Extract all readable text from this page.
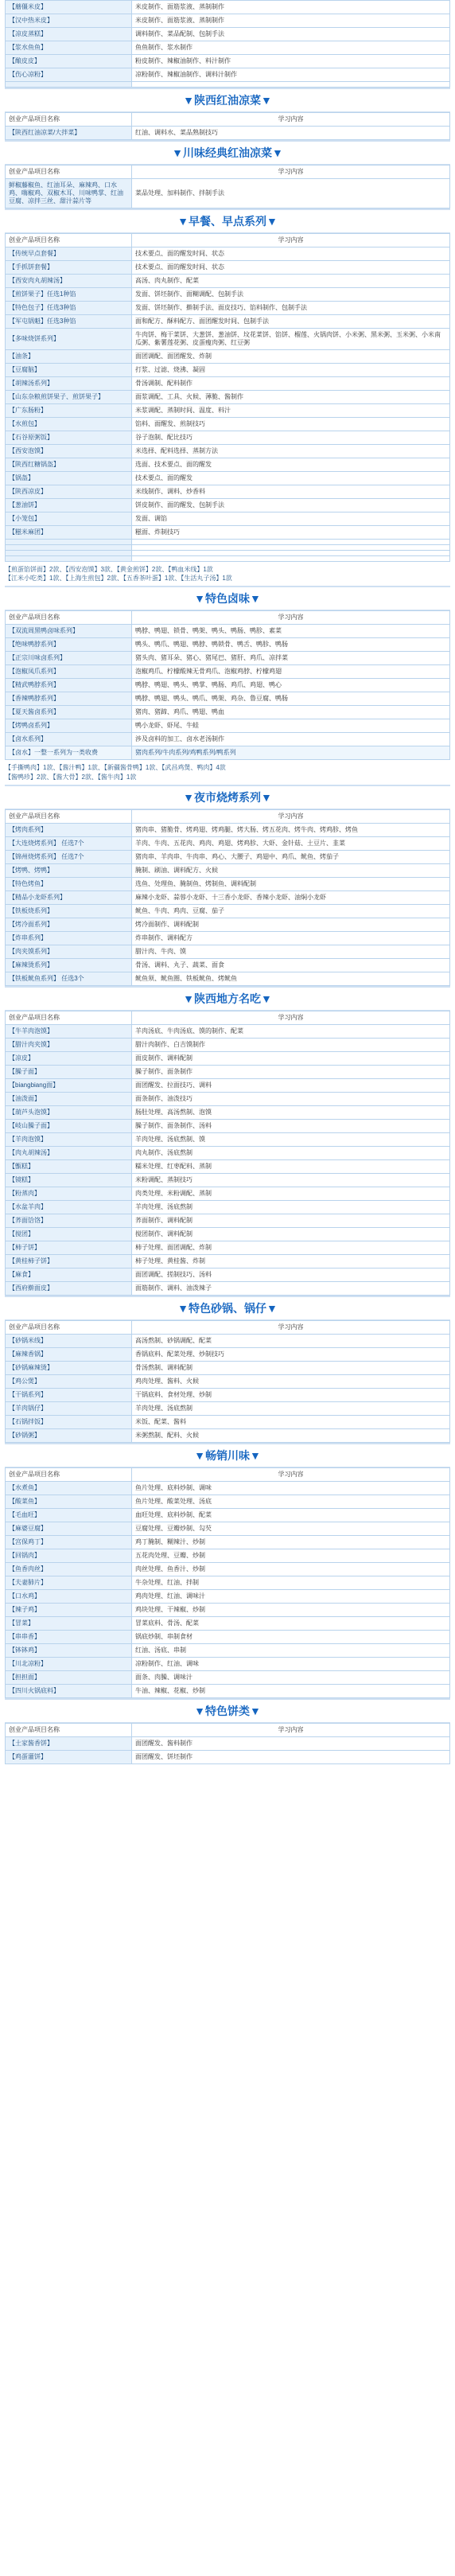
【蘑僵米皮】	米皮制作、面筋浆液、蒸制制作
【汉中热米皮】	米皮制作、面筋浆液、蒸制制作
【凉皮蒸糕】	调料制作、菜品配制、包制手法
【浆水鱼鱼】	鱼鱼制作、浆水制作
【酿皮皮】	粉皮制作、辣椒油制作、料汁制作
【伤心凉粉】	凉粉制作、辣椒油制作、调料汁制作

▼陕西红油凉菜▼
创业产品项目名称	学习内容
【陕西红油凉菜/大拌菜】	红油、调料水、菜品熟制技巧
▼川味经典红油凉菜▼
创业产品项目名称	学习内容
鲜椒藤椒鱼、红油耳朵、麻辣鸡、口水鸡、嗨椒鸡、双椒木耳、川味鸭掌、红油豆腐、凉拌三丝、甜汁蒜片等	菜品处理、加料制作、拌制手法
▼早餐、早点系列▼
创业产品项目名称	学习内容
【传统早点套餐】	技术要点、面的醒发时间、状态
【手抓饼套餐】	技术要点、面的醒发时间、状态
【西安肉丸胡辣汤】	高汤、肉丸制作、配菜
【煎饼果子】任选1种馅	发面、饼坯制作、面糊调配、包制手法
【特色包子】任选3种馅	发面、饼坯制作、擀制手法、面皮技巧、馅料制作、包制手法
【军屯锅魁】任选3种馅	面和配方、酥料配方、面团醒发时间、包制手法
【多味烧饼系列】	牛肉饼、梅干菜饼、大葱饼、葱油饼、坟花菜饼、馅饼、榴莲、火锅肉饼、小米粥、黑米粥、玉米粥、小米南瓜粥、紫薯莲花粥、皮蛋瘦肉粥、红豆粥
【油条】	面团调配、面团醒发、炸制
【豆腐脑】	打浆、过滤、烧沸、凝固
【胡辣汤系列】	骨汤调制、配料制作
【山东杂粮煎饼果子、煎饼果子】	面浆调配、工具、火候、薄脆、酱制作
【广东肠粉】	米浆调配、蒸制时间、温度、料汁
【水煎包】	馅料、面醒发、煎制技巧
【石谷原粥饭】	谷子泡制、配比技巧
【西安泡馍】	米选择、配料选择、蒸制方法
【陕西红糖锅盔】	选面、技术要点、面的醒发
【锅盔】	技术要点、面的醒发
【陕西凉皮】	米线制作、调料、炒香料
【葱油饼】	饼皮制作、面的醒发、包制手法
【小笼包】	发面、调馅
【糍米麻团】	糍面、炸制技巧

【煎蛋馅饼面】2款、【西安泡馍】3款、【黄金煎饼】2款、【鸭血米线】1款
【江米小吃类】1款、【上海生煎包】2款、【五香茶叶蛋】1款、【生活丸子汤】1款
▼特色卤味▼
创业产品项目名称	学习内容
【双流周黑鸭卤味系列】	鸭脖、鸭翅、锁骨、鸭架、鸭头、鸭肠、鸭胗、素菜
【绝味鸭脖系列】	鸭头、鸭爪、鸭翅、鸭脖、鸭锁骨、鸭舌、鸭胗、鸭肠
【正宗川味卤系列】	猪头肉、猪耳朵、猪心、猪尾巴、猪肝、鸡爪、凉拌菜
【泡椒凤爪系列】	泡椒鸡爪、柠檬酸辣无骨鸡爪、泡椒鸡脖、柠檬鸡翅
【精武鸭脖系列】	鸭脖、鸭翅、鸭头、鸭掌、鸭肠、鸡爪、鸡翅、鸭心
【香辣鸭脖系列】	鸭脖、鸭翅、鸭头、鸭爪、鸭架、鸡杂、鲁豆腐、鸭肠
【夏天酱卤系列】	猪肉、猪蹄、鸡爪、鸭翅、鸭血
【烤鸭卤系列】	鸭小龙虾、虾尾、牛蛙
【卤水系列】	涉及卤料的加工、卤水老汤制作
【卤水】一整一系列为一类收费	猪肉系列/牛肉系列/鸡鸭系列/鸭系列
【手撕鸭肉】1款、【酱汁鸭】1款、【新疆酱骨鸭】1款、【武昌鸡煲、鸭肉】4款
【酱鸭珍】2款、【酱大骨】2款、【酱牛肉】1款
▼夜市烧烤系列▼
创业产品项目名称	学习内容
【烤肉系列】	猪肉串、猪脆骨、烤鸡翅、烤鸡腿、烤大肠、烤五花肉、烤牛肉、烤鸡胗、烤鱼
【大连烧烤系列】 任选7个	羊肉、牛肉、五花肉、鸡肉、鸡翅、烤鸡胗、大虾、金针菇、土豆片、韭菜
【锦州烧烤系列】 任选7个	猪肉串、羊肉串、牛肉串、鸡心、大腰子、鸡翅中、鸡爪、鱿鱼、烤茄子
【烤鸭、烤鸭】	腌制、刷油、调料配方、火候
【特色烤鱼】	选鱼、处理鱼、腌制鱼、烤制鱼、调料配制
【精品小龙虾系列】	麻辣小龙虾、蒜蓉小龙虾、十三香小龙虾、香辣小龙虾、油焖小龙虾
【铁板烧系列】	鱿鱼、牛肉、鸡肉、豆腐、茄子
【烤冷面系列】	烤冷面制作、调料配制
【炸串系列】	炸串制作、调料配方
【肉夹馍系列】	腊汁肉、牛肉、馍
【麻辣烫系列】	骨汤、调料、丸子、蔬菜、面食
【铁板鱿鱼系列】 任选3个	鱿鱼须、鱿鱼圈、铁板鱿鱼、烤鱿鱼
▼陕西地方名吃▼
创业产品项目名称	学习内容
【牛羊肉泡馍】	羊肉汤底、牛肉汤底、馍的制作、配菜
【腊汁肉夹馍】	腊汁肉制作、白吉馍制作
【凉皮】	面皮制作、调料配制
【臊子面】	臊子制作、面条制作
【biangbiang面】	面团醒发、拉面技巧、调料
【油泼面】	面条制作、油泼技巧
【葫芦头泡馍】	肠肚处理、高汤熬制、泡馍
【岐山臊子面】	臊子制作、面条制作、汤料
【羊肉泡馍】	羊肉处理、汤底熬制、馍
【肉丸胡辣汤】	肉丸制作、汤底熬制
【甑糕】	糯米处理、红枣配料、蒸制
【镜糕】	米粉调配、蒸制技巧
【粉蒸肉】	肉类处理、米粉调配、蒸制
【水盆羊肉】	羊肉处理、汤底熬制
【荞面饸饹】	荞面制作、调料配制
【搅团】	搅团制作、调料配制
【柿子饼】	柿子处理、面团调配、炸制
【黄桂柿子饼】	柿子处理、黄桂酱、炸制
【麻食】	面团调配、搓制技巧、汤料
【西府擀面皮】	面筋制作、调料、油泼辣子
▼特色砂锅、锅仔▼
创业产品项目名称	学习内容
【砂锅米线】	高汤熬制、砂锅调配、配菜
【麻辣香锅】	香锅底料、配菜处理、炒制技巧
【砂锅麻辣烫】	骨汤熬制、调料配制
【鸡公煲】	鸡肉处理、酱料、火候
【干锅系列】	干锅底料、食材处理、炒制
【羊肉锅仔】	羊肉处理、汤底熬制
【石锅拌饭】	米饭、配菜、酱料
【砂锅粥】	米粥熬制、配料、火候
▼畅销川味▼
创业产品项目名称	学习内容
【水煮鱼】	鱼片处理、底料炒制、调味
【酸菜鱼】	鱼片处理、酸菜处理、汤底
【毛血旺】	血旺处理、底料炒制、配菜
【麻婆豆腐】	豆腐处理、豆瓣炒制、勾芡
【宫保鸡丁】	鸡丁腌制、糊辣汁、炒制
【回锅肉】	五花肉处理、豆瓣、炒制
【鱼香肉丝】	肉丝处理、鱼香汁、炒制
【夫妻肺片】	牛杂处理、红油、拌制
【口水鸡】	鸡肉处理、红油、调味汁
【辣子鸡】	鸡块处理、干辣椒、炒制
【冒菜】	冒菜底料、骨汤、配菜
【串串香】	锅底炒制、串制食材
【钵钵鸡】	红油、汤底、串制
【川北凉粉】	凉粉制作、红油、调味
【担担面】	面条、肉臊、调味汁
【四川火锅底料】	牛油、辣椒、花椒、炒制
▼特色饼类▼
创业产品项目名称	学习内容
【土家酱香饼】	面团醒发、酱料制作
【鸡蛋灌饼】	面团醒发、饼坯制作
